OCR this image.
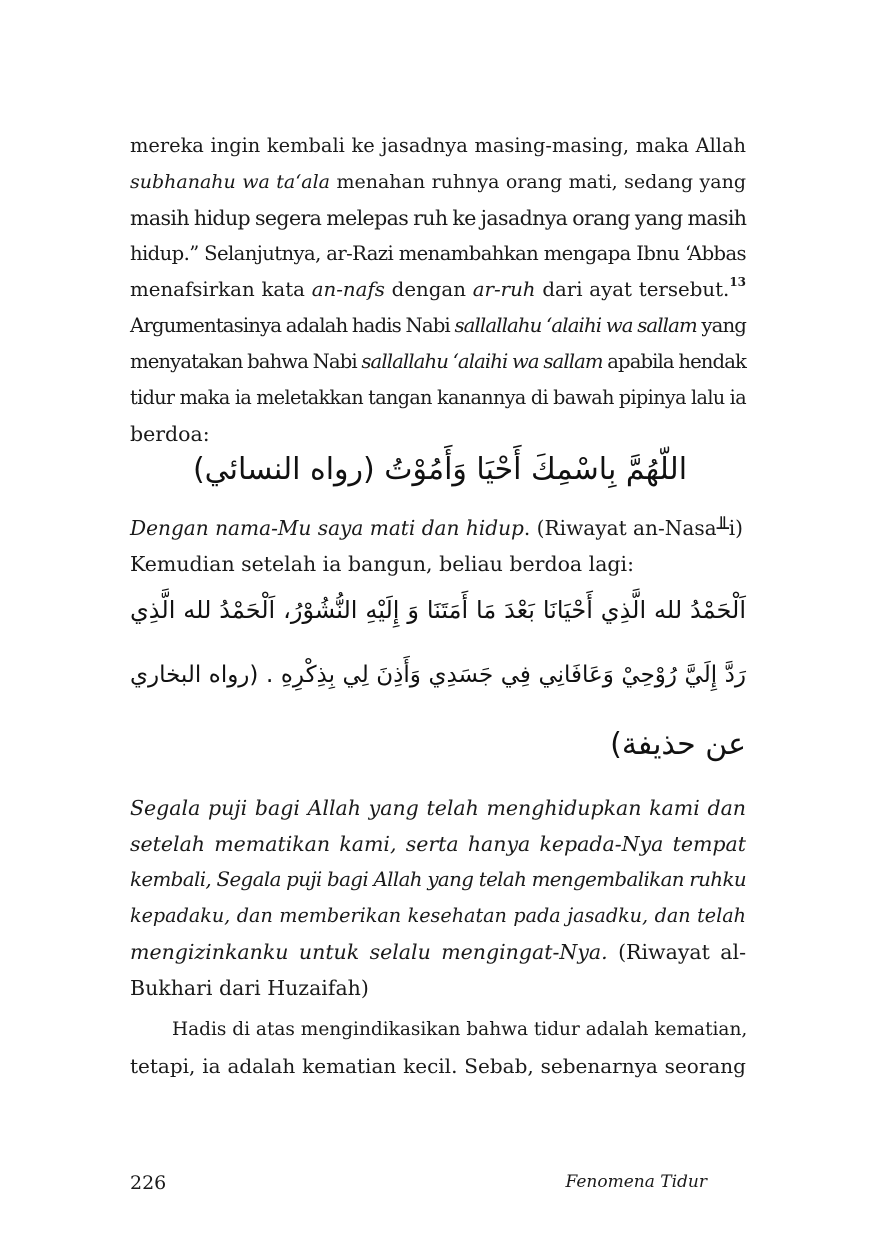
mereka ingin kembali ke jasadnya masing-masing, maka Allah
subhanahu wa ta‘ala menahan ruhnya orang mati, sedang yang
masih hidup segera melepas ruh ke jasadnya orang yang masih
hidup.” Selanjutnya, ar-Razi menambahkan mengapa Ibnu ‘Abbas
menafsirkan kata an-nafs dengan ar-ruh dari ayat tersebut.$^{13}$
Argumentasinya adalah hadis Nabi sallallahu ‘alaihi wa sallam yang
menyatakan bahwa Nabi sallallahu ‘alaihi wa sallam apabila hendak
tidur maka ia meletakkan tangan kanannya di bawah pipinya lalu ia
berdoa:
اللّهُمَّ بِاسْمِكَ أَحْيَا وَأَمُوْتُ (رواه النسائي)
Dengan nama-Mu saya mati dan hidup. (Riwayat an-Nasa╨i)
Kemudian setelah ia bangun, beliau berdoa lagi:
اَلْحَمْدُ لله الَّذِي أَحْيَانَا بَعْدَ مَا أَمَتَنَا وَ إِلَيْهِ النُّشُوْرُ، اَلْحَمْدُ لله الَّذِي
رَدَّ إِلَيَّ رُوْحِيْ وَعَافَانِي فِي جَسَدِي وَأَذِنَ لِي بِذِكْرِهِ . (رواه البخاري
عن حذيفة)
Segala puji bagi Allah yang telah menghidupkan kami dan
setelah mematikan kami, serta hanya kepada-Nya tempat
kembali, Segala puji bagi Allah yang telah mengembalikan ruhku
kepadaku, dan memberikan kesehatan pada jasadku, dan telah
mengizinkanku untuk selalu mengingat-Nya. (Riwayat al-
Bukhari dari Huzaifah)
Hadis di atas mengindikasikan bahwa tidur adalah kematian,
tetapi, ia adalah kematian kecil. Sebab, sebenarnya seorang
226	Fenomena Tidur
